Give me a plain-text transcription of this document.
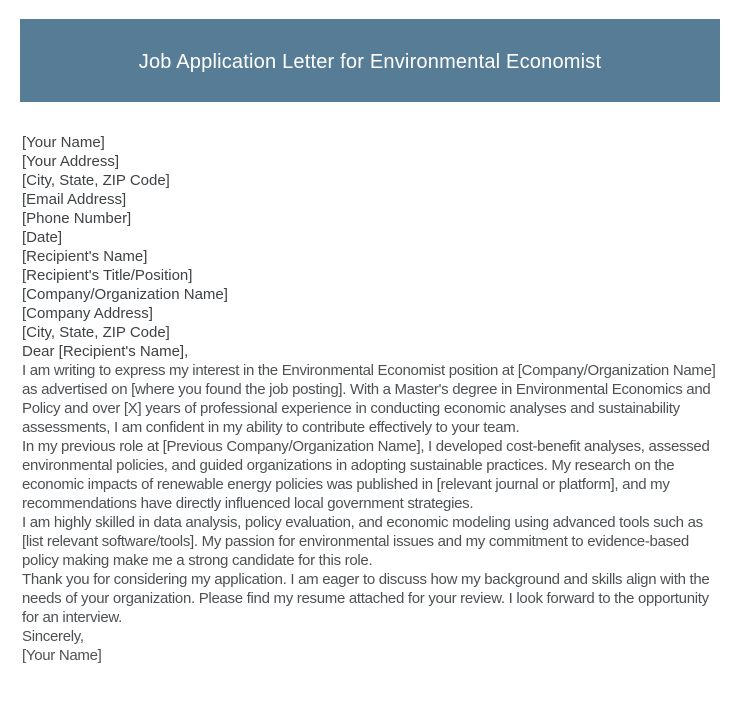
Job Application Letter for Environmental Economist
[Your Name]
[Your Address]
[City, State, ZIP Code]
[Email Address]
[Phone Number]
[Date]
[Recipient's Name]
[Recipient's Title/Position]
[Company/Organization Name]
[Company Address]
[City, State, ZIP Code]
Dear [Recipient's Name],

I am writing to express my interest in the Environmental Economist position at [Company/Organization Name] as advertised on [where you found the job posting]. With a Master's degree in Environmental Economics and Policy and over [X] years of professional experience in conducting economic analyses and sustainability assessments, I am confident in my ability to contribute effectively to your team.

In my previous role at [Previous Company/Organization Name], I developed cost-benefit analyses, assessed environmental policies, and guided organizations in adopting sustainable practices. My research on the economic impacts of renewable energy policies was published in [relevant journal or platform], and my recommendations have directly influenced local government strategies.

I am highly skilled in data analysis, policy evaluation, and economic modeling using advanced tools such as [list relevant software/tools]. My passion for environmental issues and my commitment to evidence-based policy making make me a strong candidate for this role.

Thank you for considering my application. I am eager to discuss how my background and skills align with the needs of your organization. Please find my resume attached for your review. I look forward to the opportunity for an interview.

Sincerely,
[Your Name]
